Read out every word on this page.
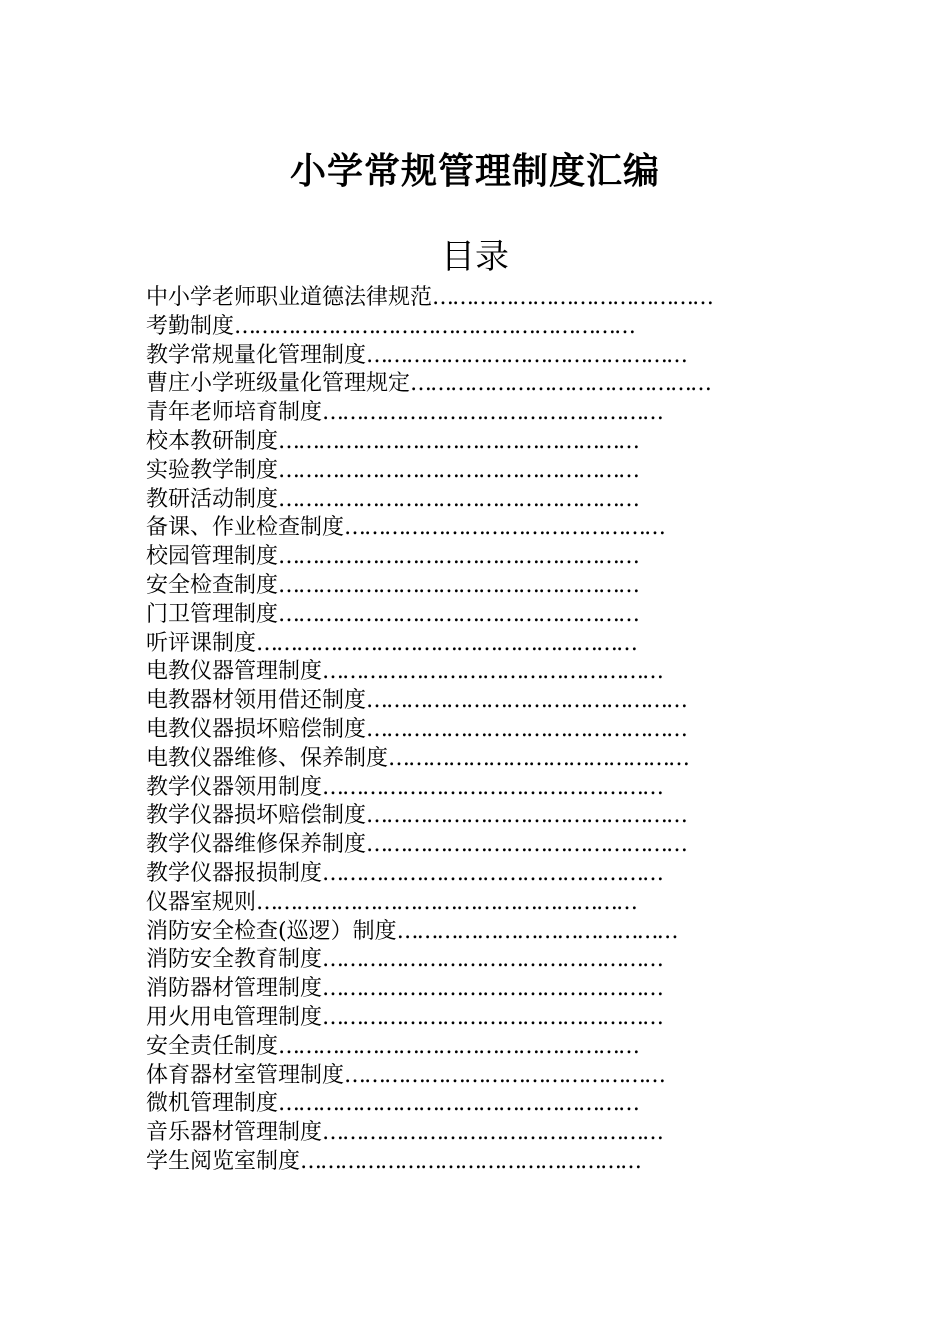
小学常规管理制度汇编
目录
中小学老师职业道德法律规范……………………………………
考勤制度……………………………………………………
教学常规量化管理制度…………………………………………
曹庄小学班级量化管理规定………………………………………
青年老师培育制度……………………………………………
校本教研制度………………………………………………
实验教学制度………………………………………………
教研活动制度………………………………………………
备课、作业检查制度…………………………………………
校园管理制度………………………………………………
安全检查制度………………………………………………
门卫管理制度………………………………………………
听评课制度…………………………………………………
电教仪器管理制度……………………………………………
电教器材领用借还制度…………………………………………
电教仪器损坏赔偿制度…………………………………………
电教仪器维修、保养制度………………………………………
教学仪器领用制度……………………………………………
教学仪器损坏赔偿制度…………………………………………
教学仪器维修保养制度…………………………………………
教学仪器报损制度……………………………………………
仪器室规则…………………………………………………
消防安全检查(巡逻）制度……………………………………
消防安全教育制度……………………………………………
消防器材管理制度……………………………………………
用火用电管理制度……………………………………………
安全责任制度………………………………………………
体育器材室管理制度…………………………………………
微机管理制度………………………………………………
音乐器材管理制度……………………………………………
学生阅览室制度……………………………………………
